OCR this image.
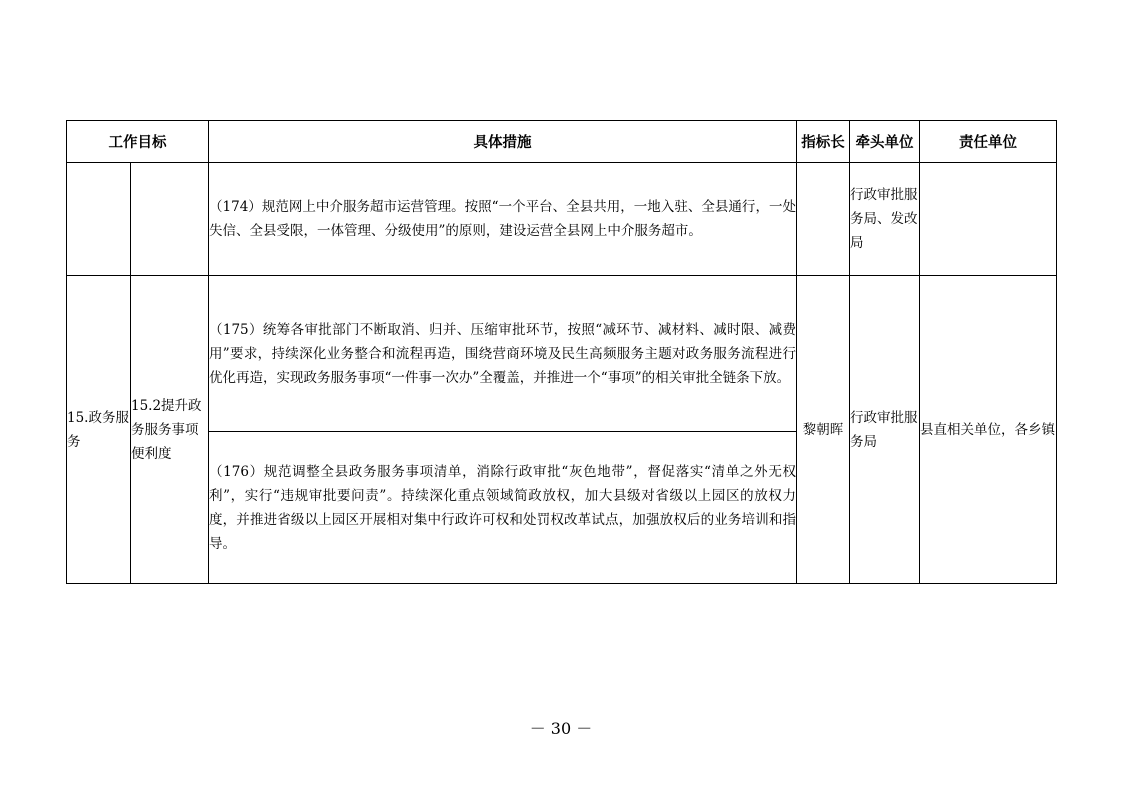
工作目标		具体措施	指标长	牵头单位	责任单位
		（174）规范网上中介服务超市运营管理。按照“一个平台、全县共用，一地入驻、全县通行，一处失信、全县受限，一体管理、分级使用”的原则，建设运营全县网上中介服务超市。		行政审批服务局、发改局	
15.政务服务	15.2提升政务服务事项便利度	（175）统筹各审批部门不断取消、归并、压缩审批环节，按照“减环节、减材料、减时限、减费用”要求，持续深化业务整合和流程再造，围绕营商环境及民生高频服务主题对政务服务流程进行优化再造，实现政务服务事项“一件事一次办”全覆盖，并推进一个“事项”的相关审批全链条下放。	黎朝晖	行政审批服务局	县直相关单位，各乡镇
		（176）规范调整全县政务服务事项清单，消除行政审批“灰色地带”，督促落实“清单之外无权利”，实行“违规审批要问责”。持续深化重点领域简政放权，加大县级对省级以上园区的放权力度，并推进省级以上园区开展相对集中行政许可权和处罚权改革试点，加强放权后的业务培训和指导。			
－ 30 －
